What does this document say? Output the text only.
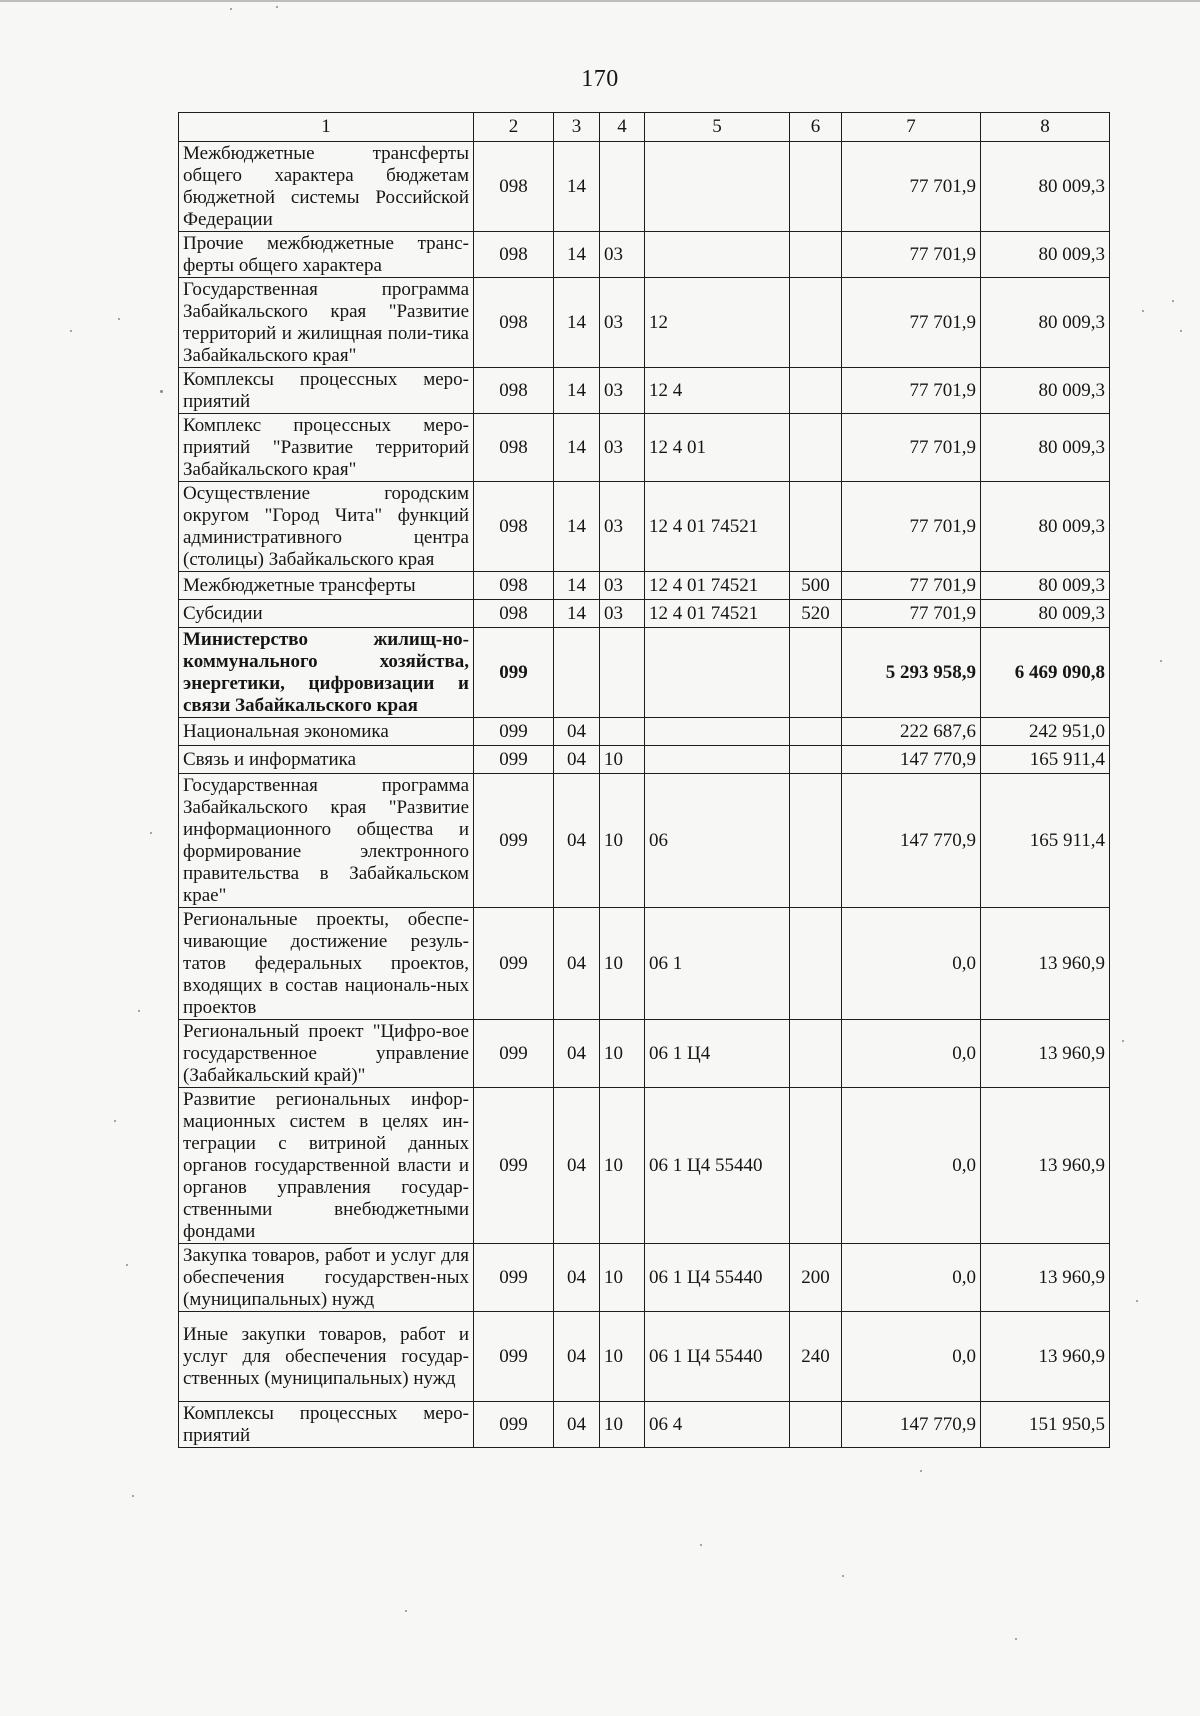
170
1	2	3	4	5	6	7	8
Межбюджетные трансферты общего характера бюджетам бюджетной системы Российской Федерации	098	14				77 701,9	80 009,3
Прочие межбюджетные транс-ферты общего характера	098	14	03			77 701,9	80 009,3
Государственная программа Забайкальского края "Развитие территорий и жилищная поли-тика Забайкальского края"	098	14	03	12		77 701,9	80 009,3
Комплексы процессных меро-приятий	098	14	03	12 4		77 701,9	80 009,3
Комплекс процессных меро-приятий "Развитие территорий Забайкальского края"	098	14	03	12 4 01		77 701,9	80 009,3
Осуществление городским округом "Город Чита" функций административного центра (столицы) Забайкальского края	098	14	03	12 4 01 74521		77 701,9	80 009,3
Межбюджетные трансферты	098	14	03	12 4 01 74521	500	77 701,9	80 009,3
Субсидии	098	14	03	12 4 01 74521	520	77 701,9	80 009,3
Министерство жилищ-но-коммунального хозяйства, энергетики, цифровизации и связи Забайкальского края	099					5 293 958,9	6 469 090,8
Национальная экономика	099	04				222 687,6	242 951,0
Связь и информатика	099	04	10			147 770,9	165 911,4
Государственная программа Забайкальского края "Развитие информационного общества и формирование электронного правительства в Забайкальском крае"	099	04	10	06		147 770,9	165 911,4
Региональные проекты, обеспе-чивающие достижение резуль-татов федеральных проектов, входящих в состав националь-ных проектов	099	04	10	06 1		0,0	13 960,9
Региональный проект "Цифро-вое государственное управление (Забайкальский край)"	099	04	10	06 1 Ц4		0,0	13 960,9
Развитие региональных инфор-мационных систем в целях ин-теграции с витриной данных органов государственной власти и органов управления государ-ственными внебюджетными фондами	099	04	10	06 1 Ц4 55440		0,0	13 960,9
Закупка товаров, работ и услуг для обеспечения государствен-ных (муниципальных) нужд	099	04	10	06 1 Ц4 55440	200	0,0	13 960,9
Иные закупки товаров, работ и услуг для обеспечения государ-ственных (муниципальных) нужд	099	04	10	06 1 Ц4 55440	240	0,0	13 960,9
Комплексы процессных меро-приятий	099	04	10	06 4		147 770,9	151 950,5
